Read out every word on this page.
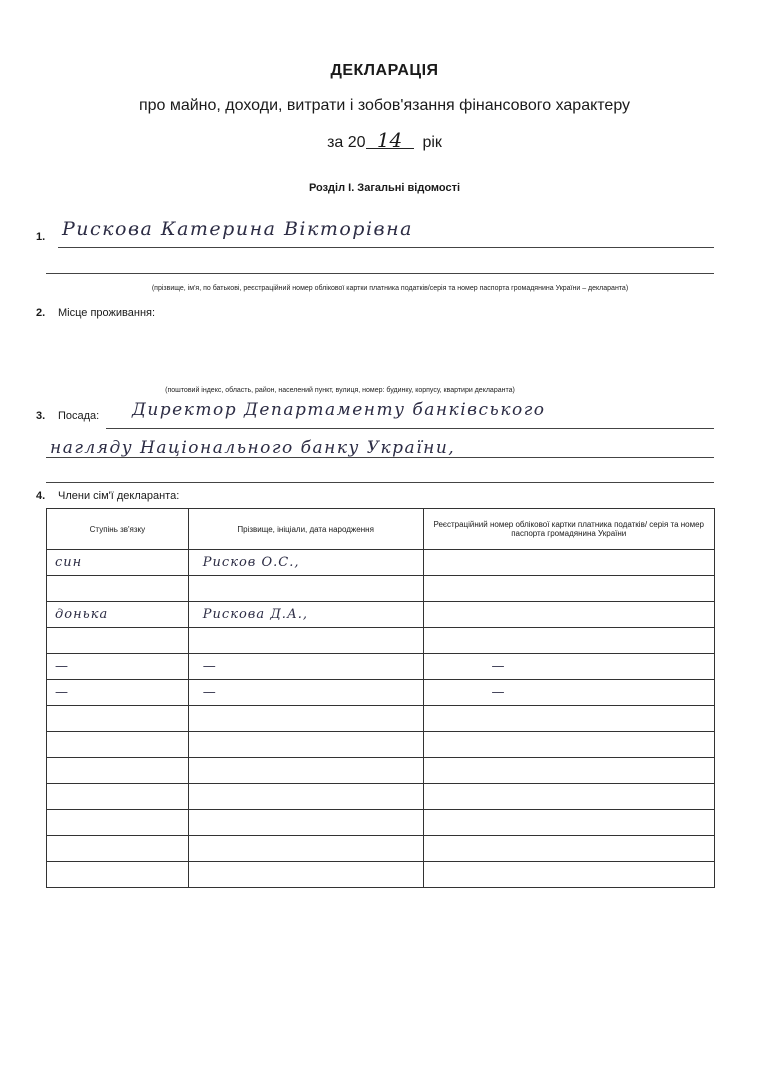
ДЕКЛАРАЦІЯ
про майно, доходи, витрати і зобов'язання фінансового характеру
за 20 14 рік
Розділ І. Загальні відомості
1. Рискова Катерина Вікторівна
(прізвище, ім'я, по батькові, реєстраційний номер облікової картки платника податків/серія та номер паспорта громадянина України – декларанта)
2. Місце проживання:
(поштовий індекс, область, район, населений пункт, вулиця, номер: будинку, корпусу, квартири декларанта)
3. Посада: Директор Департаменту банківського
нагляду Національного банку України,
4. Члени сім'ї декларанта:
Ступінь зв'язку	Прізвище, ініціали, дата народження	Реєстраційний номер облікової картки платника податків/ серія та номер паспорта громадянина України
син	Рисков О.С.,	

донька	Рискова Д.А.,	

—	—	—
—	—	—
